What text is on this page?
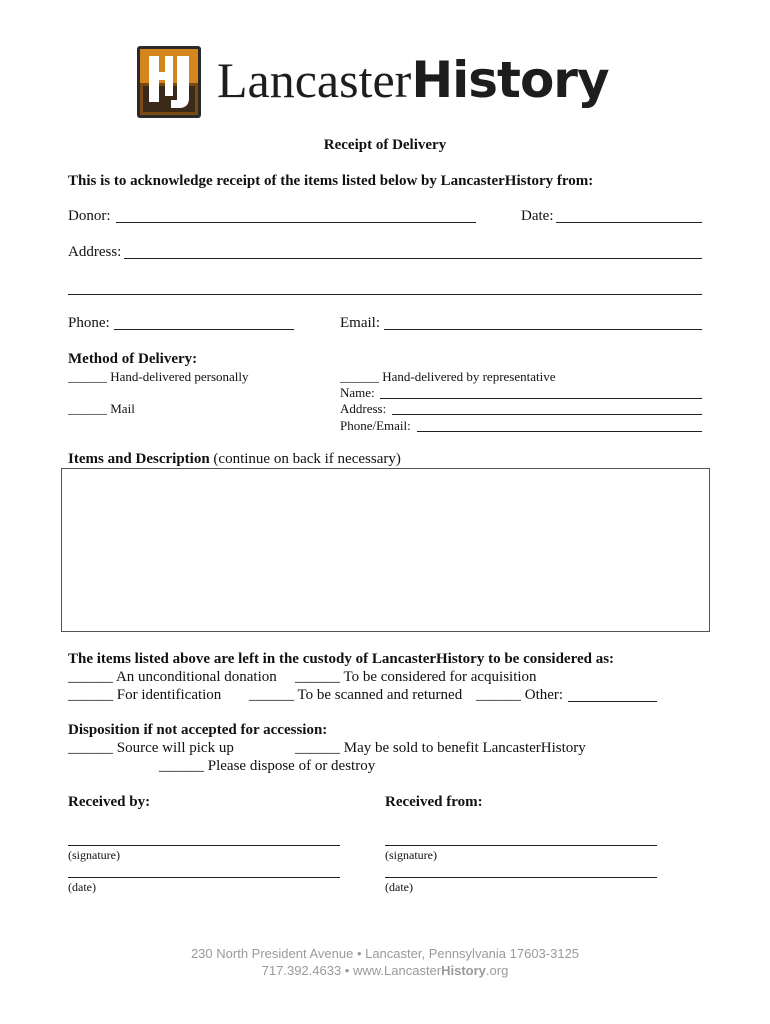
LancasterHistory
Receipt of Delivery
This is to acknowledge receipt of the items listed below by LancasterHistory from:
Donor:	Date:
Address:
Phone:	Email:
Method of Delivery:
______ Hand-delivered personally
______ Mail
______ Hand-delivered by representative
Name:
Address:
Phone/Email:
Items and Description (continue on back if necessary)
The items listed above are left in the custody of LancasterHistory to be considered as:
______ An unconditional donation ______ To be considered for acquisition
______ For identification ______ To be scanned and returned ______ Other:
Disposition if not accepted for accession:
______ Source will pick up	______ May be sold to benefit LancasterHistory
______ Please dispose of or destroy
Received by:	Received from:
(signature)	(signature)
(date)	(date)
230 North President Avenue • Lancaster, Pennsylvania 17603-3125
717.392.4633 • www.LancasterHistory.org
